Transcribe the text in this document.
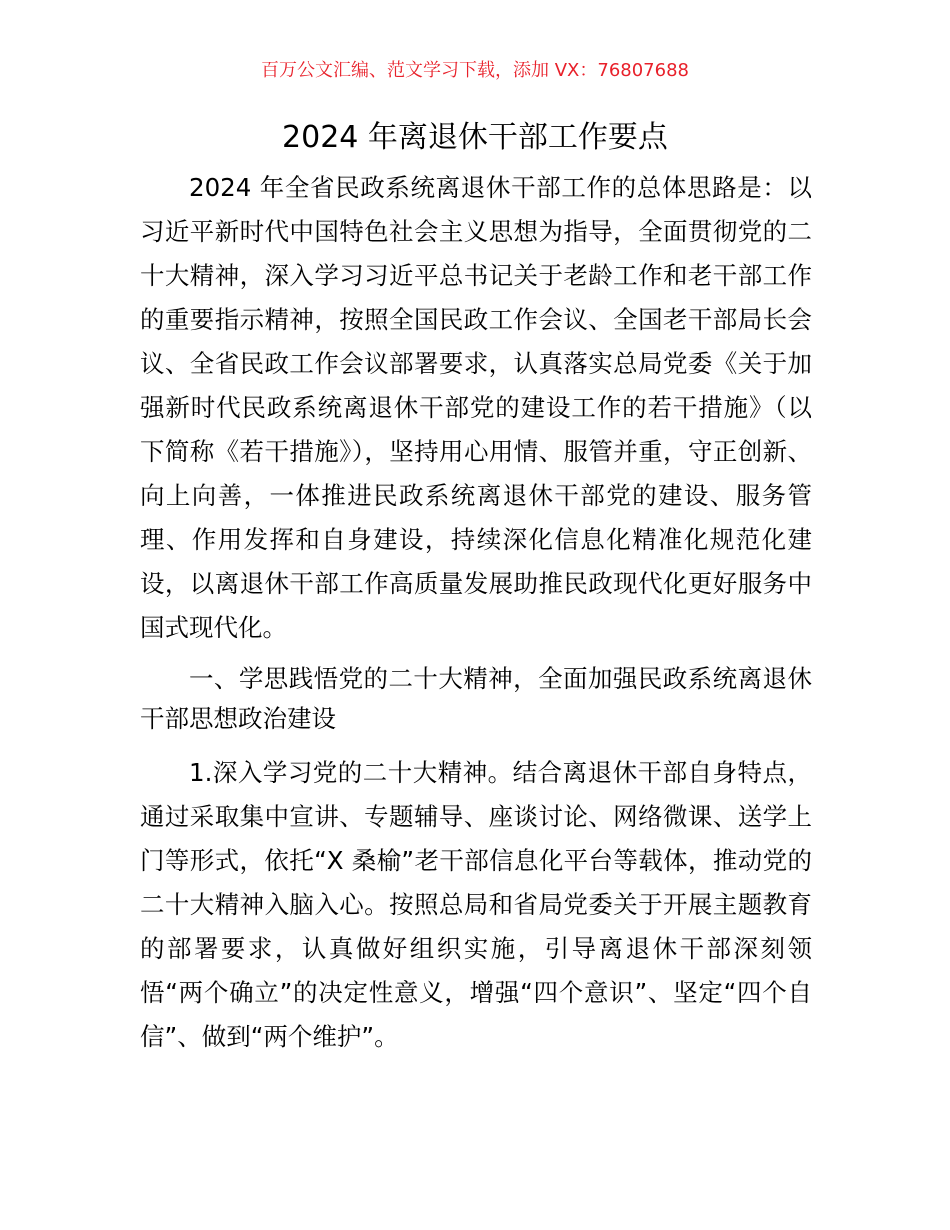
百万公文汇编、范文学习下载，添加 VX：76807688
2024 年离退休干部工作要点

2024 年全省民政系统离退休干部工作的总体思路是：以习近平新时代中国特色社会主义思想为指导，全面贯彻党的二十大精神，深入学习习近平总书记关于老龄工作和老干部工作的重要指示精神，按照全国民政工作会议、全国老干部局长会议、全省民政工作会议部署要求，认真落实总局党委《关于加强新时代民政系统离退休干部党的建设工作的若干措施》（以下简称《若干措施》），坚持用心用情、服管并重，守正创新、向上向善，一体推进民政系统离退休干部党的建设、服务管理、作用发挥和自身建设，持续深化信息化精准化规范化建设，以离退休干部工作高质量发展助推民政现代化更好服务中国式现代化。

一、学思践悟党的二十大精神，全面加强民政系统离退休干部思想政治建设

1.深入学习党的二十大精神。结合离退休干部自身特点，通过采取集中宣讲、专题辅导、座谈讨论、网络微课、送学上门等形式，依托“X 桑榆”老干部信息化平台等载体，推动党的二十大精神入脑入心。按照总局和省局党委关于开展主题教育的部署要求，认真做好组织实施，引导离退休干部深刻领悟“两个确立”的决定性意义，增强“四个意识”、坚定“四个自信”、做到“两个维护”。
